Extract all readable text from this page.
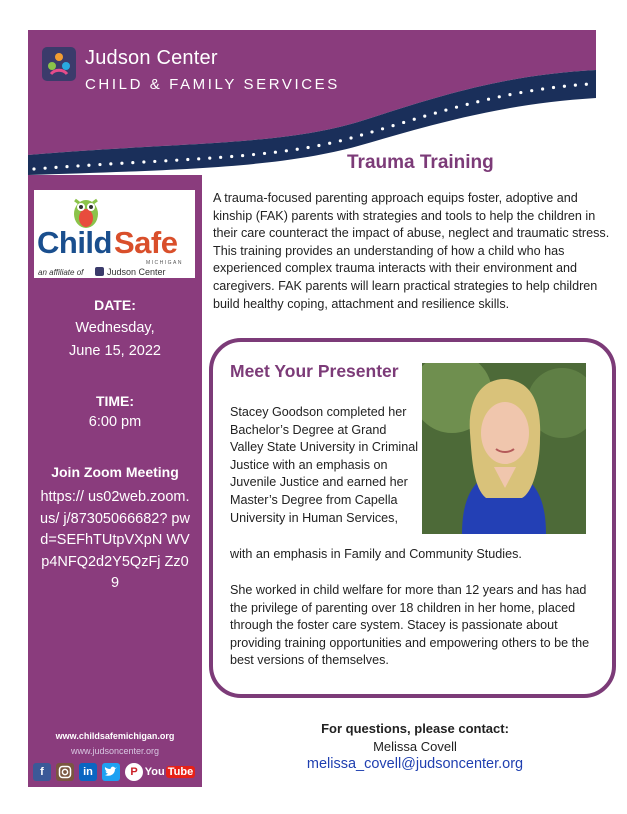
Judson Center
CHILD & FAMILY SERVICES
Child Safe
MICHIGAN
an affiliate of	Judson Center
DATE:
Wednesday,
June 15, 2022
TIME:
6:00 pm
Join Zoom Meeting
https:// us02web.zoom.us/ j/87305066682? pwd=SEFhTUtpVXpN WVp4NFQ2d2Y5QzFj Zz09
www.childsafemichigan.org
www.judsoncenter.org
f	in	P You Tube
Trauma Training
A trauma-focused parenting approach equips foster, adoptive and kinship (FAK) parents with strategies and tools to help the children in their care counteract the impact of abuse, neglect and traumatic stress. This training provides an understanding of how a child who has experienced complex trauma interacts with their environment and caregivers. FAK parents will learn practical strategies to help children build healthy coping, attachment and resilience skills.
Meet Your Presenter
Stacey Goodson completed her Bachelor’s Degree at Grand Valley State University in Criminal Justice with an emphasis on Juvenile Justice and earned her Master’s Degree from Capella University in Human Services,
with an emphasis in Family and Community Studies.
She worked in child welfare for more than 12 years and has had the privilege of parenting over 18 children in her home, placed through the foster care system. Stacey is passionate about providing training opportunities and empowering others to be the best versions of themselves.
For questions, please contact:
Melissa Covell
melissa_covell@judsoncenter.org
